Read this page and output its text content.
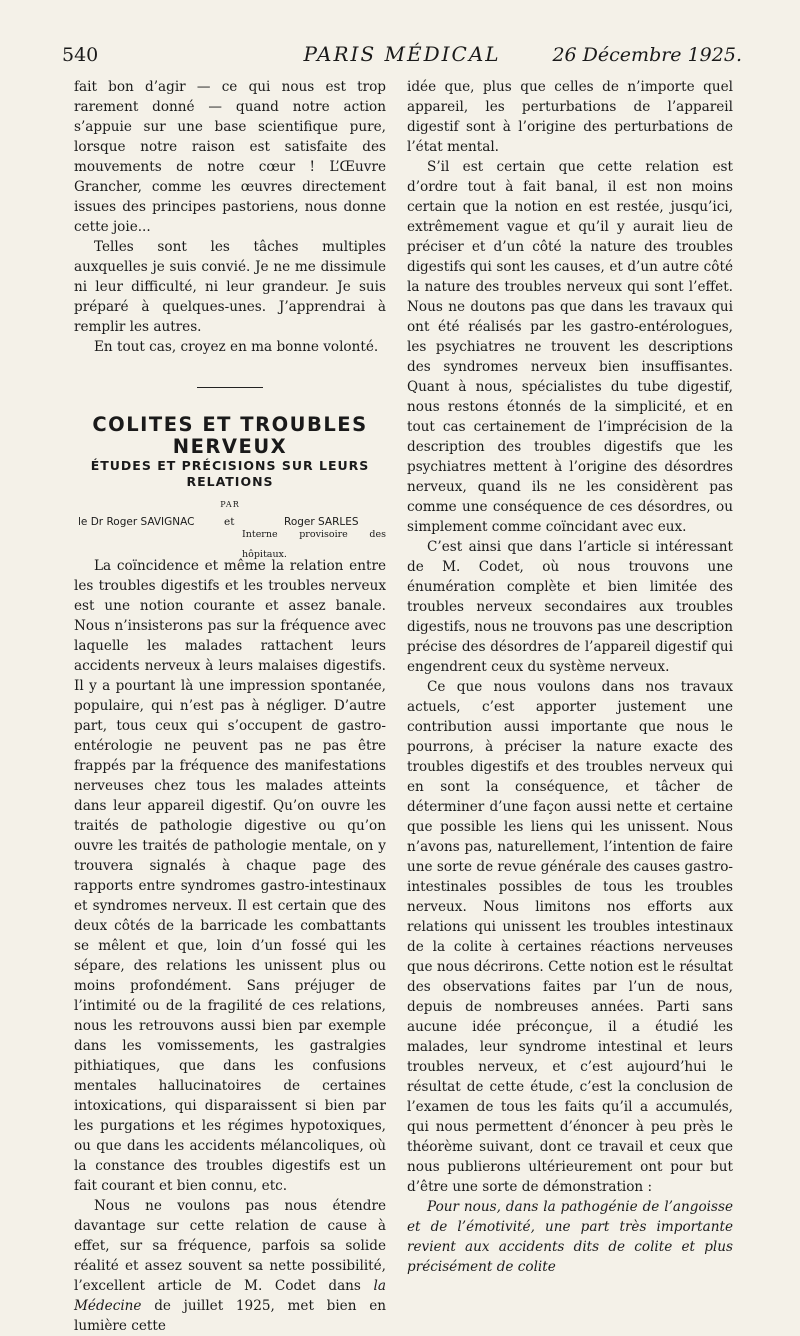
540	PARIS MÉDICAL	26 Décembre 1925.

fait bon d’agir — ce qui nous est trop rarement donné — quand notre action s’appuie sur une base scientifique pure, lorsque notre raison est satisfaite des mouvements de notre cœur ! L’Œuvre Grancher, comme les œuvres directement issues des principes pastoriens, nous donne cette joie...

Telles sont les tâches multiples auxquelles je suis convié. Je ne me dissimule ni leur difficulté, ni leur grandeur. Je suis préparé à quelques-unes. J’apprendrai à remplir les autres.

En tout cas, croyez en ma bonne volonté.

COLITES ET TROUBLES
NERVEUX

ÉTUDES ET PRÉCISIONS SUR LEURS
RELATIONS

PAR
le Dr Roger SAVIGNAC	et	Roger SARLES
Interne provisoire des hôpitaux.

La coïncidence et même la relation entre les troubles digestifs et les troubles nerveux est une notion courante et assez banale. Nous n’insisterons pas sur la fréquence avec laquelle les malades rattachent leurs accidents nerveux à leurs malaises digestifs. Il y a pourtant là une impression spontanée, populaire, qui n’est pas à négliger. D’autre part, tous ceux qui s’occupent de gastro-entérologie ne peuvent pas ne pas être frappés par la fréquence des manifestations nerveuses chez tous les malades atteints dans leur appareil digestif. Qu’on ouvre les traités de pathologie digestive ou qu’on ouvre les traités de pathologie mentale, on y trouvera signalés à chaque page des rapports entre syndromes gastro-intestinaux et syndromes nerveux. Il est certain que des deux côtés de la barricade les combattants se mêlent et que, loin d’un fossé qui les sépare, des relations les unissent plus ou moins profondément. Sans préjuger de l’intimité ou de la fragilité de ces relations, nous les retrouvons aussi bien par exemple dans les vomissements, les gastralgies pithiatiques, que dans les confusions mentales hallucinatoires de certaines intoxications, qui disparaissent si bien par les purgations et les régimes hypotoxiques, ou que dans les accidents mélancoliques, où la constance des troubles digestifs est un fait courant et bien connu, etc.

Nous ne voulons pas nous étendre davantage sur cette relation de cause à effet, sur sa fréquence, parfois sa solide réalité et assez souvent sa nette possibilité, l’excellent article de M. Codet dans la Médecine de juillet 1925, met bien en lumière cette

idée que, plus que celles de n’importe quel appareil, les perturbations de l’appareil digestif sont à l’origine des perturbations de l’état mental.

S’il est certain que cette relation est d’ordre tout à fait banal, il est non moins certain que la notion en est restée, jusqu’ici, extrêmement vague et qu’il y aurait lieu de préciser et d’un côté la nature des troubles digestifs qui sont les causes, et d’un autre côté la nature des troubles nerveux qui sont l’effet. Nous ne doutons pas que dans les travaux qui ont été réalisés par les gastro-entérologues, les psychiatres ne trouvent les descriptions des syndromes nerveux bien insuffisantes. Quant à nous, spécialistes du tube digestif, nous restons étonnés de la simplicité, et en tout cas certainement de l’imprécision de la description des troubles digestifs que les psychiatres mettent à l’origine des désordres nerveux, quand ils ne les considèrent pas comme une conséquence de ces désordres, ou simplement comme coïncidant avec eux.

C’est ainsi que dans l’article si intéressant de M. Codet, où nous trouvons une énumération complète et bien limitée des troubles nerveux secondaires aux troubles digestifs, nous ne trouvons pas une description précise des désordres de l’appareil digestif qui engendrent ceux du système nerveux.

Ce que nous voulons dans nos travaux actuels, c’est apporter justement une contribution aussi importante que nous le pourrons, à préciser la nature exacte des troubles digestifs et des troubles nerveux qui en sont la conséquence, et tâcher de déterminer d’une façon aussi nette et certaine que possible les liens qui les unissent. Nous n’avons pas, naturellement, l’intention de faire une sorte de revue générale des causes gastro-intestinales possibles de tous les troubles nerveux. Nous limitons nos efforts aux relations qui unissent les troubles intestinaux de la colite à certaines réactions nerveuses que nous décrirons. Cette notion est le résultat des observations faites par l’un de nous, depuis de nombreuses années. Parti sans aucune idée préconçue, il a étudié les malades, leur syndrome intestinal et leurs troubles nerveux, et c’est aujourd’hui le résultat de cette étude, c’est la conclusion de l’examen de tous les faits qu’il a accumulés, qui nous permettent d’énoncer à peu près le théorème suivant, dont ce travail et ceux que nous publierons ultérieurement ont pour but d’être une sorte de démonstration :

Pour nous, dans la pathogénie de l’angoisse et de l’émotivité, une part très importante revient aux accidents dits de colite et plus précisément de colite
